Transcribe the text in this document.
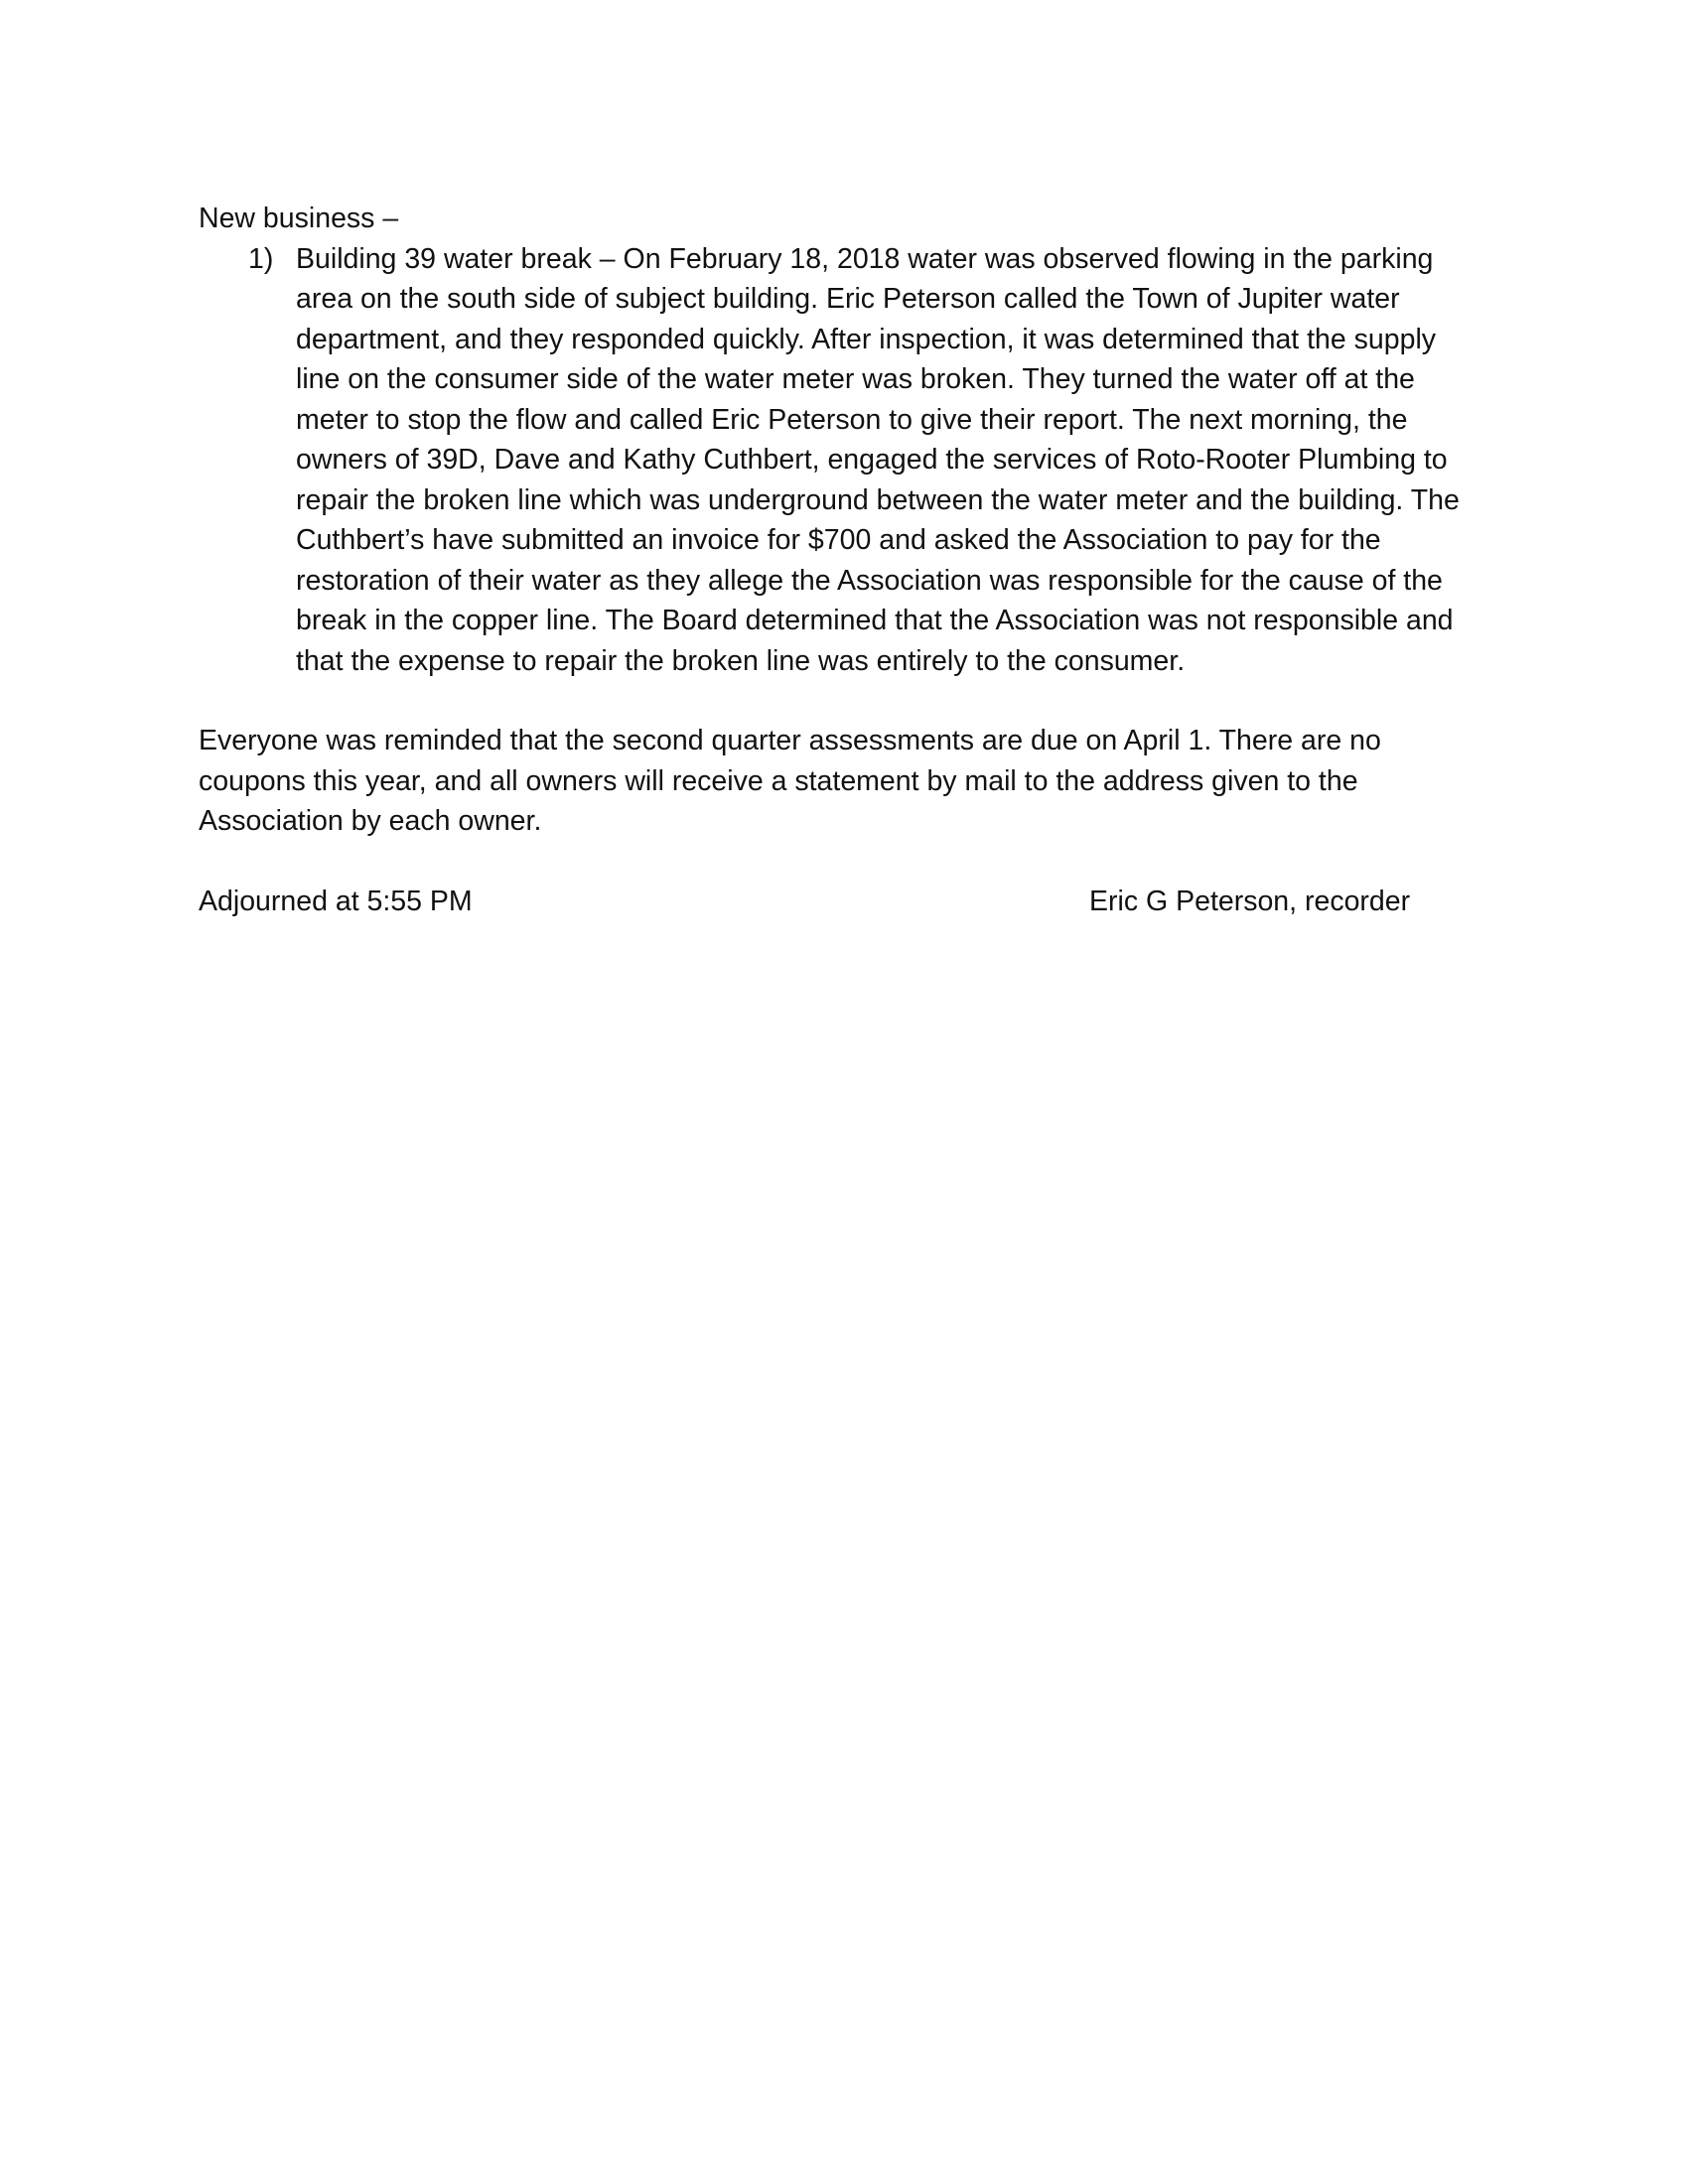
New business –

1) Building 39 water break – On February 18, 2018 water was observed flowing in the parking area on the south side of subject building. Eric Peterson called the Town of Jupiter water department, and they responded quickly. After inspection, it was determined that the supply line on the consumer side of the water meter was broken. They turned the water off at the meter to stop the flow and called Eric Peterson to give their report. The next morning, the owners of 39D, Dave and Kathy Cuthbert, engaged the services of Roto-Rooter Plumbing to repair the broken line which was underground between the water meter and the building. The Cuthbert’s have submitted an invoice for $700 and asked the Association to pay for the restoration of their water as they allege the Association was responsible for the cause of the break in the copper line. The Board determined that the Association was not responsible and that the expense to repair the broken line was entirely to the consumer.

Everyone was reminded that the second quarter assessments are due on April 1. There are no coupons this year, and all owners will receive a statement by mail to the address given to the Association by each owner.

Adjourned at 5:55 PM	Eric G Peterson, recorder
